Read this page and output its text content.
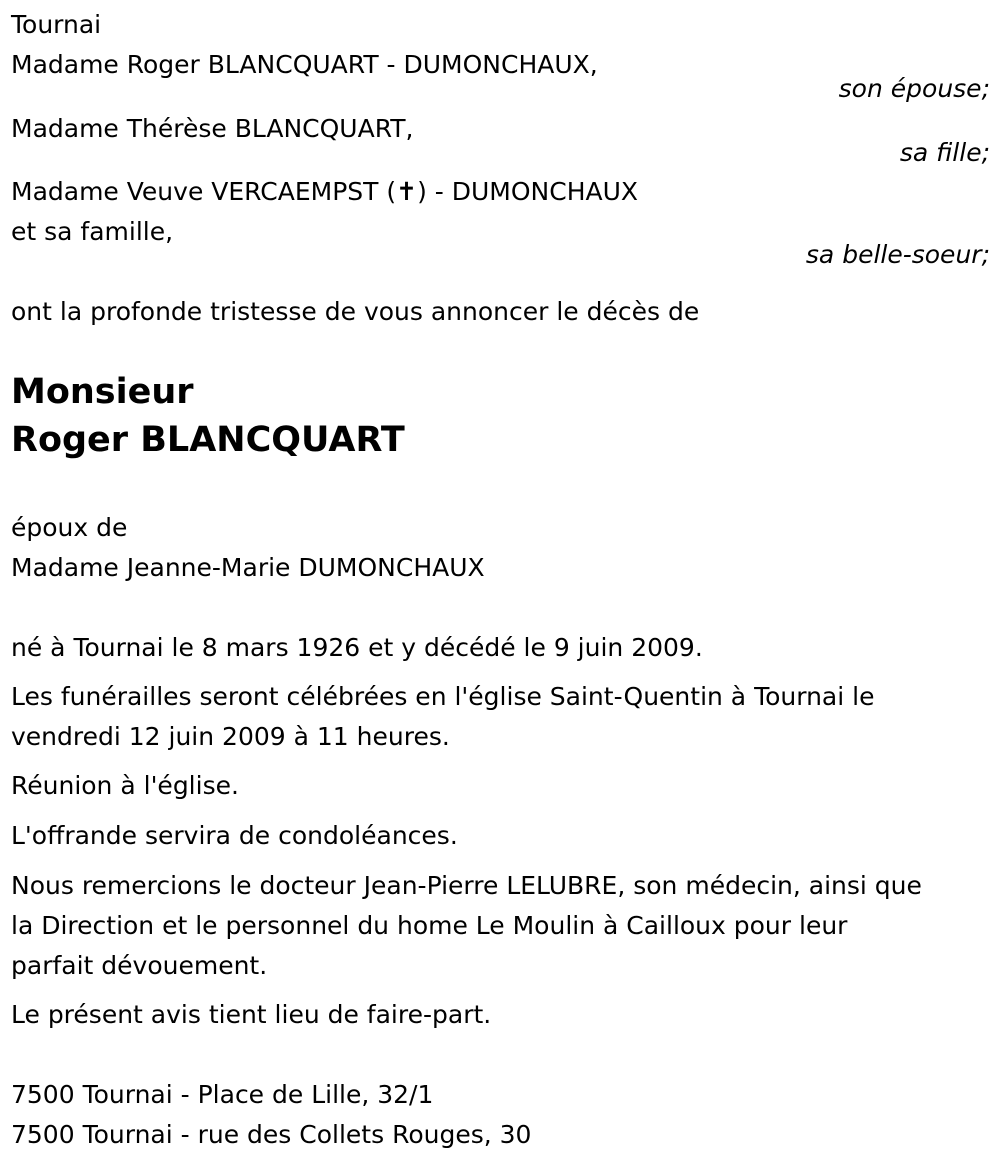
Tournai
Madame Roger BLANCQUART - DUMONCHAUX,
son épouse;
Madame Thérèse BLANCQUART,
sa fille;
Madame Veuve VERCAEMPST (✝) - DUMONCHAUX
et sa famille,
sa belle-soeur;
ont la profonde tristesse de vous annoncer le décès de
Monsieur
Roger BLANCQUART
époux de
Madame Jeanne-Marie DUMONCHAUX
né à Tournai le 8 mars 1926 et y décédé le 9 juin 2009.
Les funérailles seront célébrées en l'église Saint-Quentin à Tournai le
vendredi 12 juin 2009 à 11 heures.
Réunion à l'église.
L'offrande servira de condoléances.
Nous remercions le docteur Jean-Pierre LELUBRE, son médecin, ainsi que
la Direction et le personnel du home Le Moulin à Cailloux pour leur
parfait dévouement.
Le présent avis tient lieu de faire-part.
7500 Tournai - Place de Lille, 32/1
7500 Tournai - rue des Collets Rouges, 30
